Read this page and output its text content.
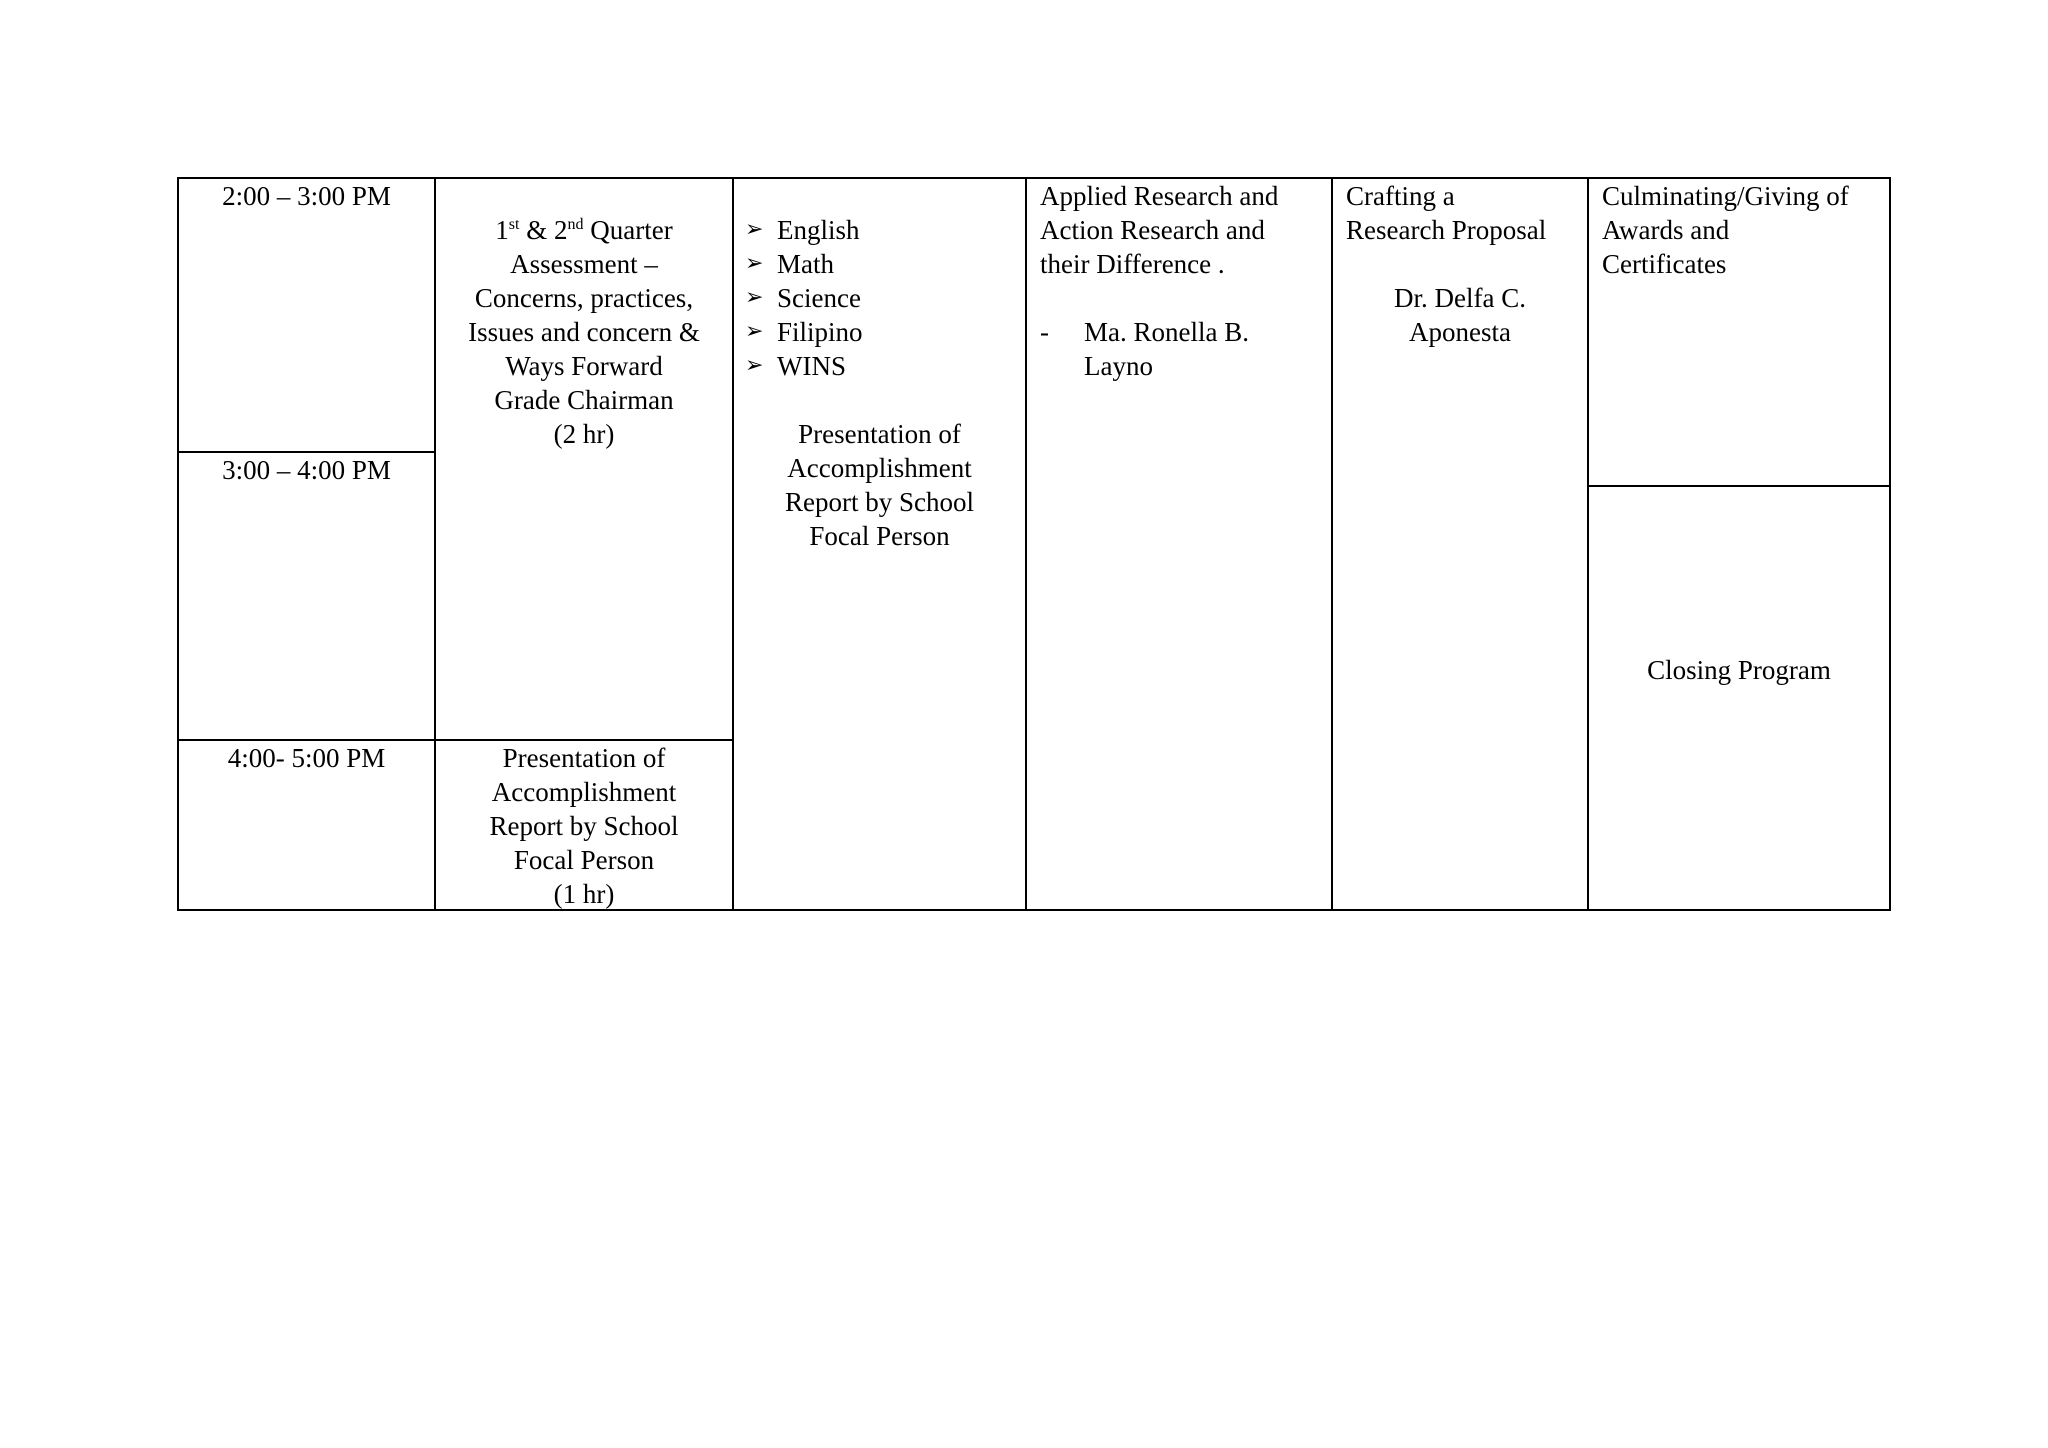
2:00 – 3:00 PM
3:00 – 4:00 PM
4:00- 5:00 PM
1st & 2nd Quarter
Assessment –
Concerns, practices,
Issues and concern &
Ways Forward
Grade Chairman
(2 hr)
Presentation of
Accomplishment
Report by School
Focal Person
(1 hr)
➢ English
➢ Math
➢ Science
➢ Filipino
➢ WINS
Presentation of
Accomplishment
Report by School
Focal Person
Applied Research and
Action Research and
their Difference .
- Ma. Ronella B.
Layno
Crafting a
Research Proposal
Dr. Delfa C.
Aponesta
Culminating/Giving of
Awards and
Certificates
Closing Program
